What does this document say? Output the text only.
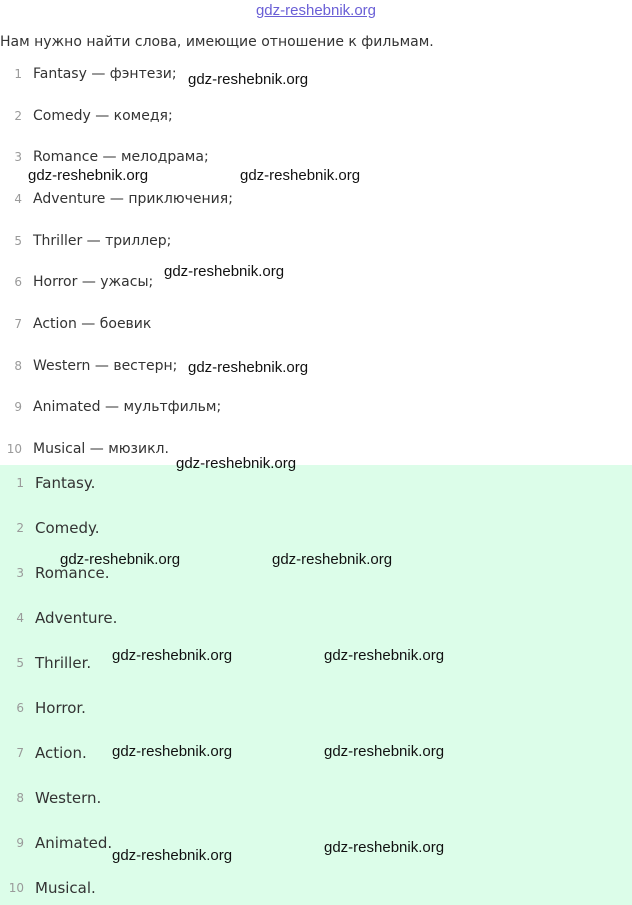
gdz-reshebnik.org
Нам нужно найти слова, имеющие отношение к фильмам.
1 Fantasy — фэнтези;
2 Comedy — комедя;
3 Romance — мелодрама;
4 Adventure — приключения;
5 Thriller — триллер;
6 Horror — ужасы;
7 Action — боевик
8 Western — вестерн;
9 Animated — мультфильм;
10 Musical — мюзикл.
1 Fantasy.
2 Comedy.
3 Romance.
4 Adventure.
5 Thriller.
6 Horror.
7 Action.
8 Western.
9 Animated.
10 Musical.
gdz-reshebnik.org
gdz-reshebnik.org	gdz-reshebnik.org
gdz-reshebnik.org
gdz-reshebnik.org
gdz-reshebnik.org
gdz-reshebnik.org	gdz-reshebnik.org
gdz-reshebnik.org	gdz-reshebnik.org
gdz-reshebnik.org	gdz-reshebnik.org
gdz-reshebnik.org	gdz-reshebnik.org
